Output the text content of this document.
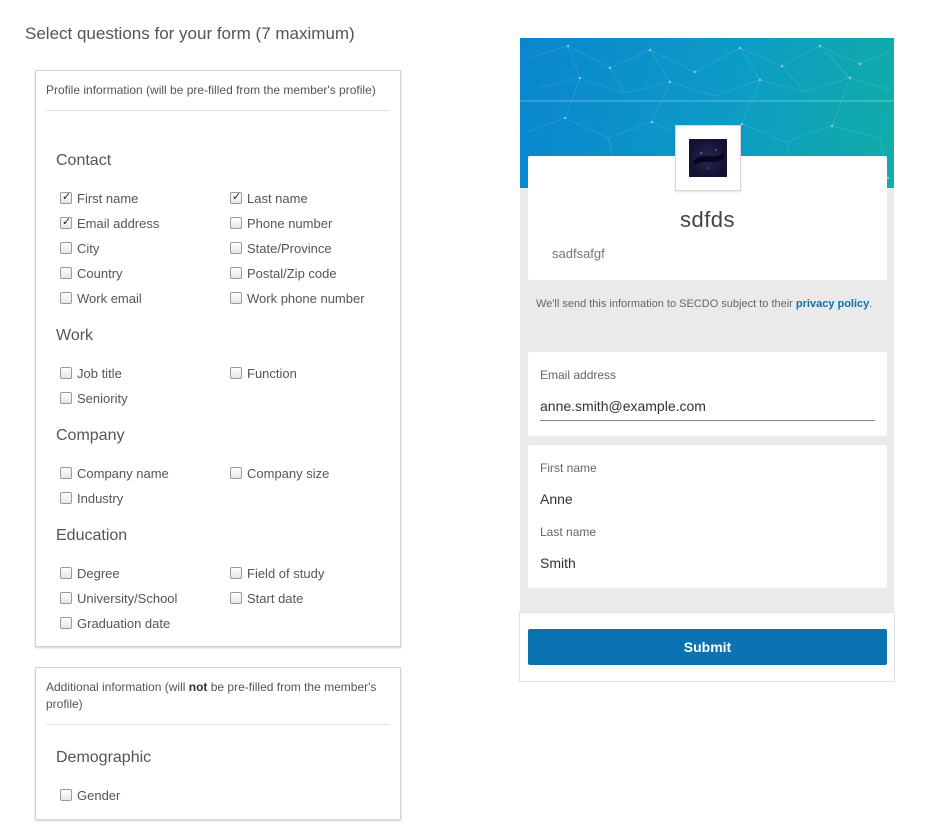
Select questions for your form (7 maximum)
Profile information (will be pre-filled from the member's profile)
Contact
✓
First name
✓	Last name
✓
Email address	Phone number
City	State/Province
Country	Postal/Zip code
Work email	Work phone number
Work
Job title	Function
Seniority
Company
Company name	Company size
Industry
Education
Degree	Field of study
University/School	Start date
Graduation date
Additional information (will not be pre-filled from the member's profile)
Demographic
Gender
sdfds
sadfsafgf
We'll send this information to SECDO subject to their privacy policy.
Email address
anne.smith@example.com
First name
Anne
Last name
Smith
Submit
